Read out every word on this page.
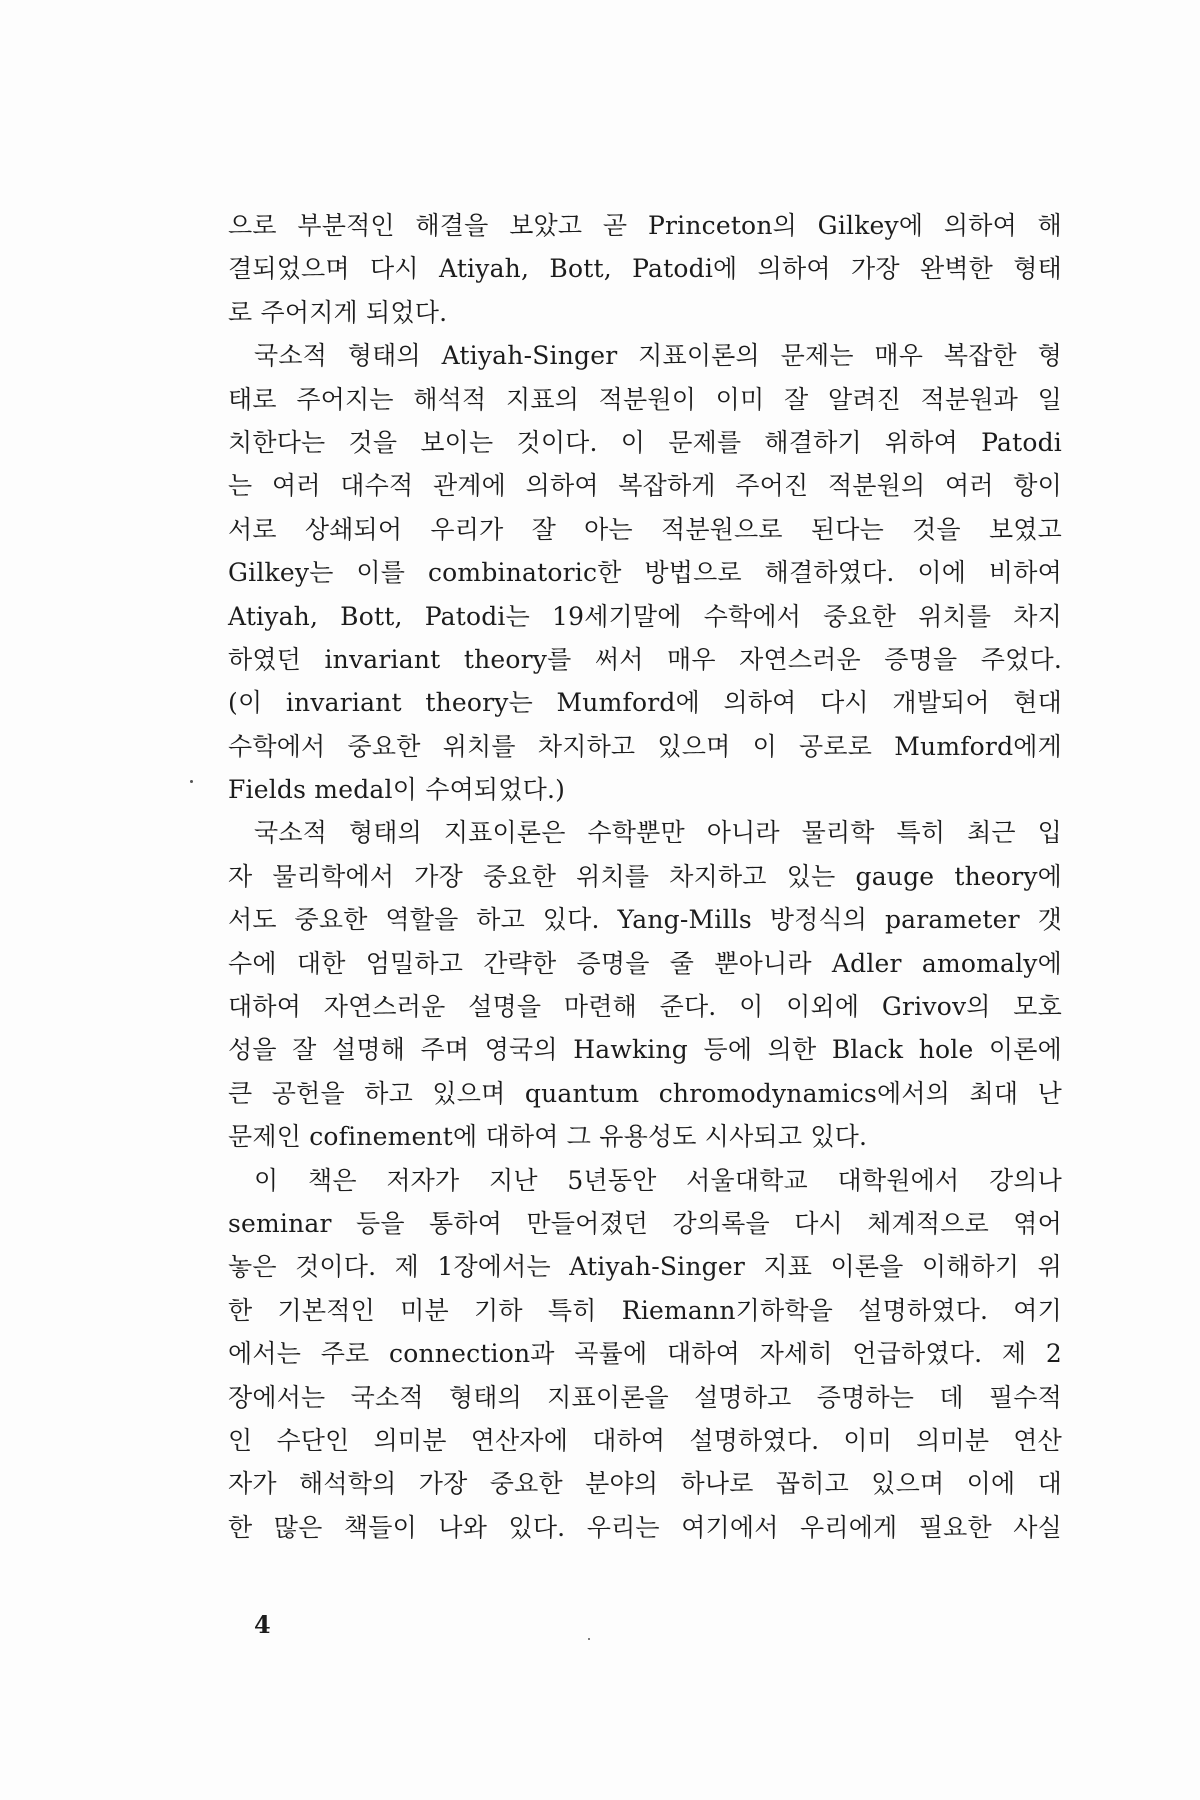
으로 부분적인 해결을 보았고 곧 Princeton의 Gilkey에 의하여 해
결되었으며 다시 Atiyah, Bott, Patodi에 의하여 가장 완벽한 형태
로 주어지게 되었다.
국소적 형태의 Atiyah-Singer 지표이론의 문제는 매우 복잡한 형
태로 주어지는 해석적 지표의 적분원이 이미 잘 알려진 적분원과 일
치한다는 것을 보이는 것이다. 이 문제를 해결하기 위하여 Patodi
는 여러 대수적 관계에 의하여 복잡하게 주어진 적분원의 여러 항이
서로 상쇄되어 우리가 잘 아는 적분원으로 된다는 것을 보였고
Gilkey는 이를 combinatoric한 방법으로 해결하였다. 이에 비하여
Atiyah, Bott, Patodi는 19세기말에 수학에서 중요한 위치를 차지
하였던 invariant theory를 써서 매우 자연스러운 증명을 주었다.
(이 invariant theory는 Mumford에 의하여 다시 개발되어 현대
수학에서 중요한 위치를 차지하고 있으며 이 공로로 Mumford에게
Fields medal이 수여되었다.)
국소적 형태의 지표이론은 수학뿐만 아니라 물리학 특히 최근 입
자 물리학에서 가장 중요한 위치를 차지하고 있는 gauge theory에
서도 중요한 역할을 하고 있다. Yang-Mills 방정식의 parameter 갯
수에 대한 엄밀하고 간략한 증명을 줄 뿐아니라 Adler amomaly에
대하여 자연스러운 설명을 마련해 준다. 이 이외에 Grivov의 모호
성을 잘 설명해 주며 영국의 Hawking 등에 의한 Black hole 이론에
큰 공헌을 하고 있으며 quantum chromodynamics에서의 최대 난
문제인 cofinement에 대하여 그 유용성도 시사되고 있다.
이 책은 저자가 지난 5년동안 서울대학교 대학원에서 강의나
seminar 등을 통하여 만들어졌던 강의록을 다시 체계적으로 엮어
놓은 것이다. 제 1장에서는 Atiyah-Singer 지표 이론을 이해하기 위
한 기본적인 미분 기하 특히 Riemann기하학을 설명하였다. 여기
에서는 주로 connection과 곡률에 대하여 자세히 언급하였다. 제 2
장에서는 국소적 형태의 지표이론을 설명하고 증명하는 데 필수적
인 수단인 의미분 연산자에 대하여 설명하였다. 이미 의미분 연산
자가 해석학의 가장 중요한 분야의 하나로 꼽히고 있으며 이에 대
한 많은 책들이 나와 있다. 우리는 여기에서 우리에게 필요한 사실
4
